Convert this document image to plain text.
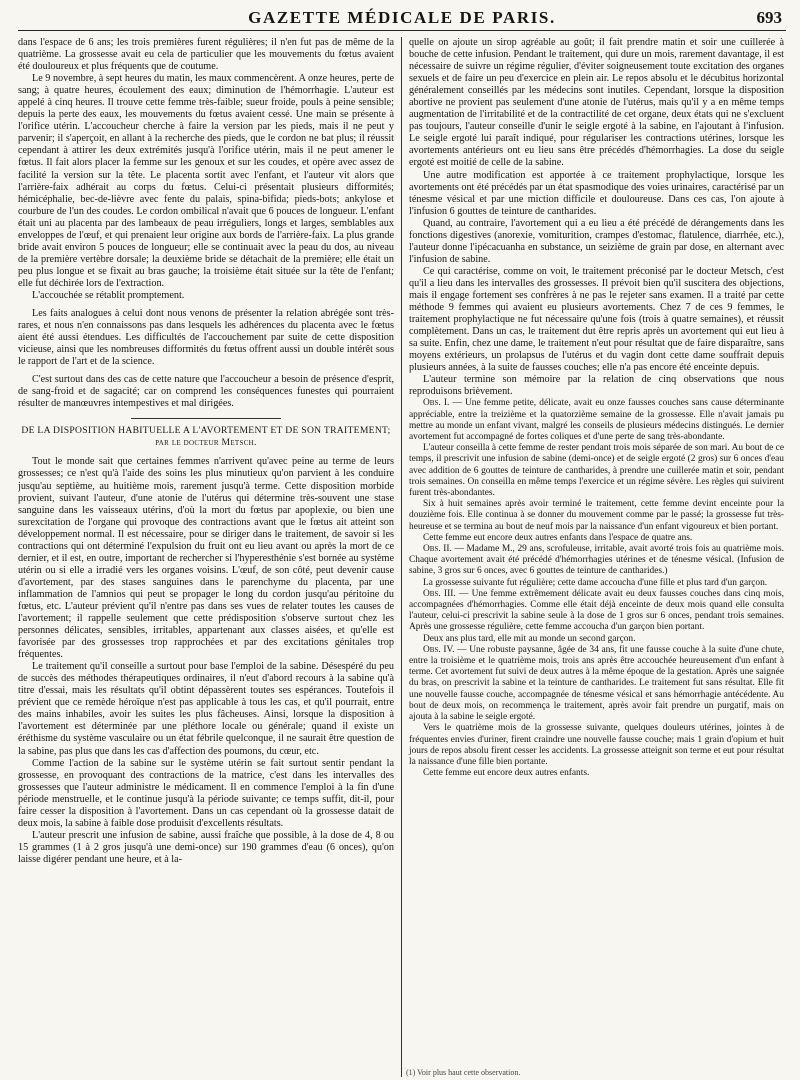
GAZETTE MÉDICALE DE PARIS.	693

dans l'espace de 6 ans; les trois premières furent régulières; il n'en fut pas de même de la quatrième. La grossesse avait eu cela de particulier que les mouvements du fœtus avaient été douloureux et plus fréquents que de coutume.

Le 9 novembre, à sept heures du matin, les maux commencèrent. A onze heures, perte de sang; à quatre heures, écoulement des eaux; diminution de l'hémorrhagie. L'auteur est appelé à cinq heures. Il trouve cette femme très-faible; sueur froide, pouls à peine sensible; depuis la perte des eaux, les mouvements du fœtus avaient cessé. Une main se présente à l'orifice utérin. L'accoucheur cherche à faire la version par les pieds, mais il ne peut y parvenir; il s'aperçoit, en allant à la recherche des pieds, que le cordon ne bat plus; il réussit cependant à attirer les deux extrémités jusqu'à l'orifice utérin, mais il ne peut amener le fœtus. Il fait alors placer la femme sur les genoux et sur les coudes, et opère avec assez de facilité la version sur la tête. Le placenta sortit avec l'enfant, et l'auteur vit alors que l'arrière-faix adhérait au corps du fœtus. Celui-ci présentait plusieurs difformités; hémicéphalie, bec-de-lièvre avec fente du palais, spina-bifida; pieds-bots; ankylose et courbure de l'un des coudes. Le cordon ombilical n'avait que 6 pouces de longueur. L'enfant était uni au placenta par des lambeaux de peau irréguliers, longs et larges, semblables aux enveloppes de l'œuf, et qui prenaient leur origine aux bords de l'arrière-faix. La plus grande bride avait environ 5 pouces de longueur; elle se continuait avec la peau du dos, au niveau de la première vertèbre dorsale; la deuxième bride se détachait de la première; elle était un peu plus longue et se fixait au bras gauche; la troisième était située sur la tête de l'enfant; elle fut déchirée lors de l'extraction.

L'accouchée se rétablit promptement.

Les faits analogues à celui dont nous venons de présenter la relation abrégée sont très-rares, et nous n'en connaissons pas dans lesquels les adhérences du placenta avec le fœtus aient été aussi étendues. Les difficultés de l'accouchement par suite de cette disposition vicieuse, ainsi que les nombreuses difformités du fœtus offrent aussi un double intérêt sous le rapport de l'art et de la science.

C'est surtout dans des cas de cette nature que l'accoucheur a besoin de présence d'esprit, de sang-froid et de sagacité; car on comprend les conséquences funestes qui pourraient résulter de manœuvres intempestives et mal dirigées.

DE LA DISPOSITION HABITUELLE A L'AVORTEMENT ET DE SON TRAITEMENT;
par le docteur Metsch.

Tout le monde sait que certaines femmes n'arrivent qu'avec peine au terme de leurs grossesses; ce n'est qu'à l'aide des soins les plus minutieux qu'on parvient à les conduire jusqu'au septième, au huitième mois, rarement jusqu'à terme. Cette disposition morbide provient, suivant l'auteur, d'une atonie de l'utérus qui détermine très-souvent une stase sanguine dans les vaisseaux utérins, d'où la mort du fœtus par apoplexie, ou bien une surexcitation de l'organe qui provoque des contractions avant que le fœtus ait atteint son développement normal. Il est nécessaire, pour se diriger dans le traitement, de savoir si les contractions qui ont déterminé l'expulsion du fruit ont eu lieu avant ou après la mort de ce dernier, et il est, en outre, important de rechercher si l'hyperesthénie s'est bornée au système utérin ou si elle a irradié vers les organes voisins. L'œuf, de son côté, peut devenir cause d'avortement, par des stases sanguines dans le parenchyme du placenta, par une inflammation de l'amnios qui peut se propager le long du cordon jusqu'au péritoine du fœtus, etc. L'auteur prévient qu'il n'entre pas dans ses vues de relater toutes les causes de l'avortement; il rappelle seulement que cette prédisposition s'observe surtout chez les personnes délicates, sensibles, irritables, appartenant aux classes aisées, et qu'elle est favorisée par des grossesses trop rapprochées et par des excitations génitales trop fréquentes.

Le traitement qu'il conseille a surtout pour base l'emploi de la sabine. Désespéré du peu de succès des méthodes thérapeutiques ordinaires, il n'eut d'abord recours à la sabine qu'à titre d'essai, mais les résultats qu'il obtint dépassèrent toutes ses espérances. Toutefois il prévient que ce remède héroïque n'est pas applicable à tous les cas, et qu'il pourrait, entre des mains inhabiles, avoir les suites les plus fâcheuses. Ainsi, lorsque la disposition à l'avortement est déterminée par une pléthore locale ou générale; quand il existe un éréthisme du système vasculaire ou un état fébrile quelconque, il ne saurait être question de la sabine, pas plus que dans les cas d'affection des poumons, du cœur, etc.

Comme l'action de la sabine sur le système utérin se fait surtout sentir pendant la grossesse, en provoquant des contractions de la matrice, c'est dans les intervalles des grossesses que l'auteur administre le médicament. Il en commence l'emploi à la fin d'une période menstruelle, et le continue jusqu'à la période suivante; ce temps suffit, dit-il, pour faire cesser la disposition à l'avortement. Dans un cas cependant où la grossesse datait de deux mois, la sabine à faible dose produisit d'excellents résultats.

L'auteur prescrit une infusion de sabine, aussi fraîche que possible, à la dose de 4, 8 ou 15 grammes (1 à 2 gros jusqu'à une demi-once) sur 190 grammes d'eau (6 onces), qu'on laisse digérer pendant une heure, et à la-

quelle on ajoute un sirop agréable au goût; il fait prendre matin et soir une cuillerée à bouche de cette infusion. Pendant le traitement, qui dure un mois, rarement davantage, il est nécessaire de suivre un régime régulier, d'éviter soigneusement toute excitation des organes sexuels et de faire un peu d'exercice en plein air. Le repos absolu et le décubitus horizontal généralement conseillés par les médecins sont inutiles. Cependant, lorsque la disposition abortive ne provient pas seulement d'une atonie de l'utérus, mais qu'il y a en même temps augmentation de l'irritabilité et de la contractilité de cet organe, deux états qui ne s'excluent pas toujours, l'auteur conseille d'unir le seigle ergoté à la sabine, en l'ajoutant à l'infusion. Le seigle ergoté lui paraît indiqué, pour régulariser les contractions utérines, lorsque les avortements antérieurs ont eu lieu sans être précédés d'hémorrhagies. La dose du seigle ergoté est moitié de celle de la sabine.

Une autre modification est apportée à ce traitement prophylactique, lorsque les avortements ont été précédés par un état spasmodique des voies urinaires, caractérisé par un ténesme vésical et par une miction difficile et douloureuse. Dans ces cas, l'on ajoute à l'infusion 6 gouttes de teinture de cantharides.

Quand, au contraire, l'avortement qui a eu lieu a été précédé de dérangements dans les fonctions digestives (anorexie, vomiturition, crampes d'estomac, flatulence, diarrhée, etc.), l'auteur donne l'ipécacuanha en substance, un seizième de grain par dose, en alternant avec l'infusion de sabine.

Ce qui caractérise, comme on voit, le traitement préconisé par le docteur Metsch, c'est qu'il a lieu dans les intervalles des grossesses. Il prévoit bien qu'il suscitera des objections, mais il engage fortement ses confrères à ne pas le rejeter sans examen. Il a traité par cette méthode 9 femmes qui avaient eu plusieurs avortements. Chez 7 de ces 9 femmes, le traitement prophylactique ne fut nécessaire qu'une fois (trois à quatre semaines), et réussit complètement. Dans un cas, le traitement dut être repris après un avortement qui eut lieu à sa suite. Enfin, chez une dame, le traitement n'eut pour résultat que de faire disparaître, sans moyens extérieurs, un prolapsus de l'utérus et du vagin dont cette dame souffrait depuis plusieurs années, à la suite de fausses couches; elle n'a pas encore été enceinte depuis.

L'auteur termine son mémoire par la relation de cinq observations que nous reproduisons brièvement.

Obs. I. — Une femme petite, délicate, avait eu onze fausses couches sans cause déterminante appréciable, entre la treizième et la quatorzième semaine de la grossesse. Elle n'avait jamais pu mettre au monde un enfant vivant, malgré les conseils de plusieurs médecins distingués. Le dernier avortement fut accompagné de fortes coliques et d'une perte de sang très-abondante.

L'auteur conseilla à cette femme de rester pendant trois mois séparée de son mari. Au bout de ce temps, il prescrivit une infusion de sabine (demi-once) et de seigle ergoté (2 gros) sur 6 onces d'eau avec addition de 6 gouttes de teinture de cantharides, à prendre une cuillerée matin et soir, pendant trois semaines. On conseilla en même temps l'exercice et un régime sévère. Les règles qui suivirent furent très-abondantes.

Six à huit semaines après avoir terminé le traitement, cette femme devint enceinte pour la douzième fois. Elle continua à se donner du mouvement comme par le passé; la grossesse fut très-heureuse et se termina au bout de neuf mois par la naissance d'un enfant vigoureux et bien portant.

Cette femme eut encore deux autres enfants dans l'espace de quatre ans.

Obs. II. — Madame M., 29 ans, scrofuleuse, irritable, avait avorté trois fois au quatrième mois. Chaque avortement avait été précédé d'hémorrhagies utérines et de ténesme vésical. (Infusion de sabine, 3 gros sur 6 onces, avec 6 gouttes de teinture de cantharides.)

La grossesse suivante fut régulière; cette dame accoucha d'une fille et plus tard d'un garçon.

Obs. III. — Une femme extrêmement délicate avait eu deux fausses couches dans cinq mois, accompagnées d'hémorrhagies. Comme elle était déjà enceinte de deux mois quand elle consulta l'auteur, celui-ci prescrivit la sabine seule à la dose de 1 gros sur 6 onces, pendant trois semaines. Après une grossesse régulière, cette femme accoucha d'un garçon bien portant.

Deux ans plus tard, elle mit au monde un second garçon.

Obs. IV. — Une robuste paysanne, âgée de 34 ans, fit une fausse couche à la suite d'une chute, entre la troisième et le quatrième mois, trois ans après être accouchée heureusement d'un enfant à terme. Cet avortement fut suivi de deux autres à la même époque de la gestation. Après une saignée du bras, on prescrivit la sabine et la teinture de cantharides. Le traitement fut sans résultat. Elle fit une nouvelle fausse couche, accompagnée de ténesme vésical et sans hémorrhagie antécédente. Au bout de deux mois, on recommença le traitement, après avoir fait prendre un purgatif, mais on ajouta à la sabine le seigle ergoté.

Vers le quatrième mois de la grossesse suivante, quelques douleurs utérines, jointes à de fréquentes envies d'uriner, firent craindre une nouvelle fausse couche; mais 1 grain d'opium et huit jours de repos absolu firent cesser les accidents. La grossesse atteignit son terme et eut pour résultat la naissance d'une fille bien portante.

Cette femme eut encore deux autres enfants.

(1) Voir plus haut cette observation.
